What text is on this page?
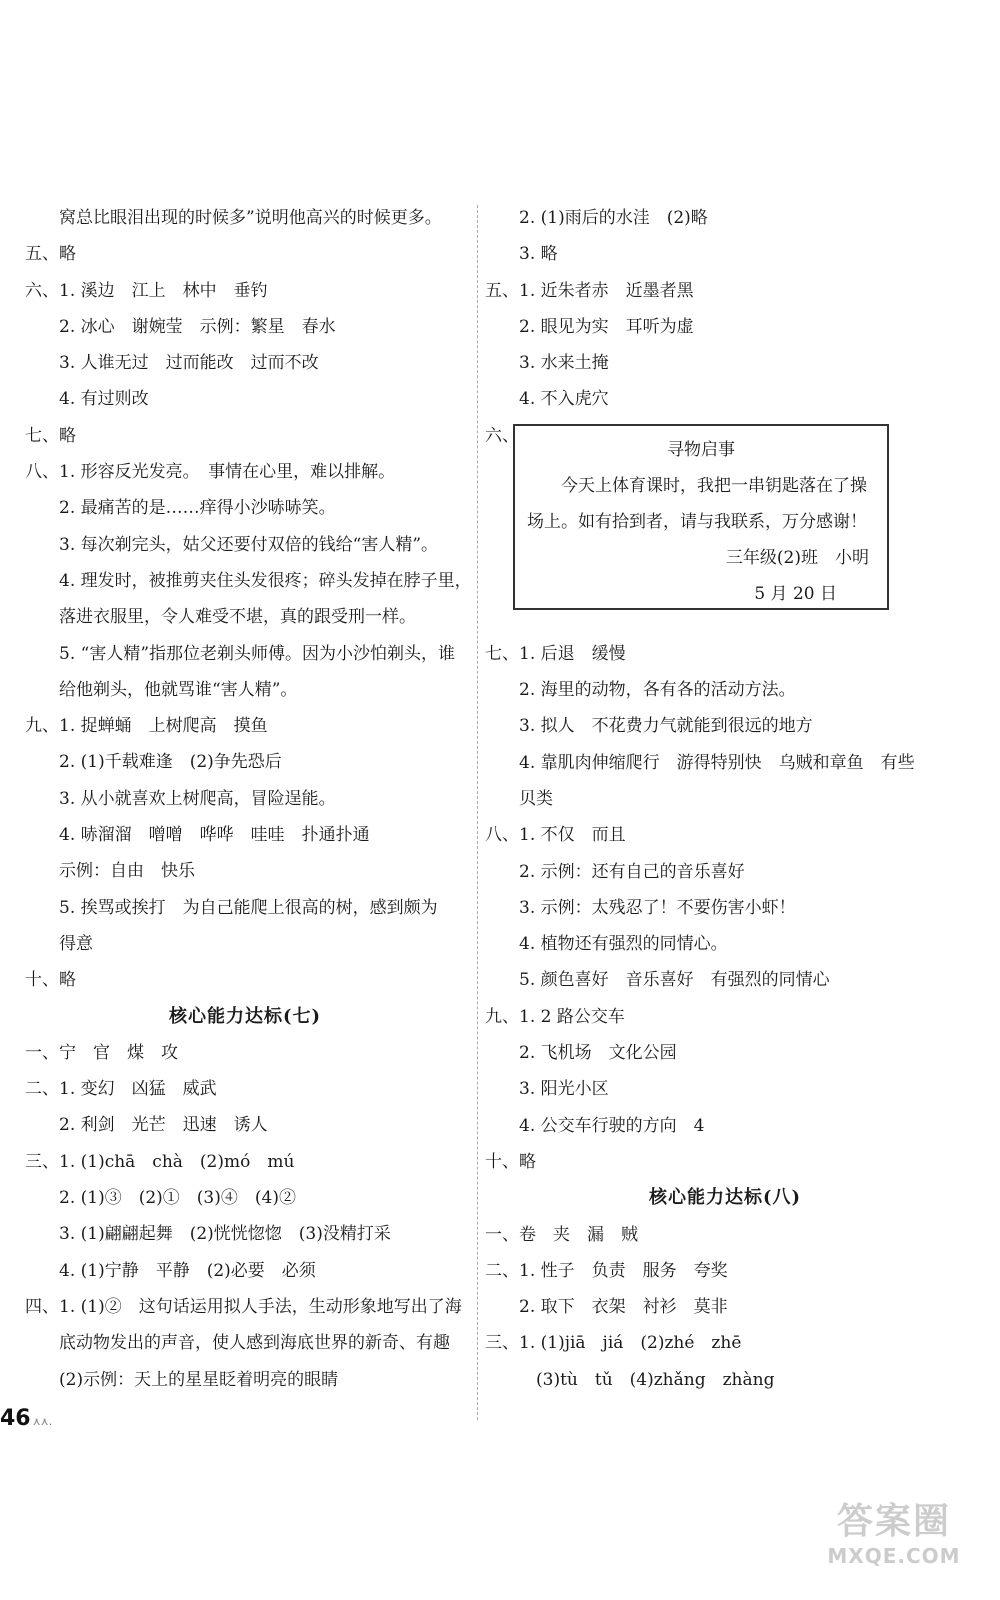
　　窝总比眼泪出现的时候多”说明他高兴的时候更多。
五、略
六、1. 溪边　江上　林中　垂钓
　　2. 冰心　谢婉莹　示例：繁星　春水
　　3. 人谁无过　过而能改　过而不改
　　4. 有过则改
七、略
八、1. 形容反光发亮。　事情在心里，难以排解。
　　2. 最痛苦的是……痒得小沙哧哧笑。
　　3. 每次剃完头，姑父还要付双倍的钱给“害人精”。
　　4. 理发时，被推剪夹住头发很疼；碎头发掉在脖子里，
　　落进衣服里，令人难受不堪，真的跟受刑一样。
　　5. “害人精”指那位老剃头师傅。因为小沙怕剃头，谁
　　给他剃头，他就骂谁“害人精”。
九、1. 捉蝉蛹　上树爬高　摸鱼
　　2. (1)千载难逢　(2)争先恐后
　　3. 从小就喜欢上树爬高，冒险逞能。
　　4. 哧溜溜　噌噌　哗哗　哇哇　扑通扑通
　　示例：自由　快乐
　　5. 挨骂或挨打　为自己能爬上很高的树，感到颇为
　　得意
十、略
核心能力达标(七)
一、宁　官　煤　攻
二、1. 变幻　凶猛　威武
　　2. 利剑　光芒　迅速　诱人
三、1. (1)chā　chà　(2)mó　mú
　　2. (1)③　(2)①　(3)④　(4)②
　　3. (1)翩翩起舞　(2)恍恍惚惚　(3)没精打采
　　4. (1)宁静　平静　(2)必要　必须
四、1. (1)②　这句话运用拟人手法，生动形象地写出了海
　　底动物发出的声音，使人感到海底世界的新奇、有趣
　　(2)示例：天上的星星眨着明亮的眼睛
　　2. (1)雨后的水洼　(2)略
　　3. 略
五、1. 近朱者赤　近墨者黑
　　2. 眼见为实　耳听为虚
　　3. 水来土掩
　　4. 不入虎穴
六、
寻物启事
今天上体育课时，我把一串钥匙落在了操场上。如有拾到者，请与我联系，万分感谢！
三年级(2)班　小明
5 月 20 日
七、1. 后退　缓慢
　　2. 海里的动物，各有各的活动方法。
　　3. 拟人　不花费力气就能到很远的地方
　　4. 靠肌肉伸缩爬行　游得特别快　乌贼和章鱼　有些
　　贝类
八、1. 不仅　而且
　　2. 示例：还有自己的音乐喜好
　　3. 示例：太残忍了！不要伤害小虾！
　　4. 植物还有强烈的同情心。
　　5. 颜色喜好　音乐喜好　有强烈的同情心
九、1. 2 路公交车
　　2. 飞机场　文化公园
　　3. 阳光小区
　　4. 公交车行驶的方向　4
十、略
核心能力达标(八)
一、卷　夹　漏　贼
二、1. 性子　负责　服务　夸奖
　　2. 取下　衣架　衬衫　莫非
三、1. (1)jiā　jiá　(2)zhé　zhē
　　　(3)tù　tǔ　(4)zhǎng　zhàng
46 ⋏⋏.
答案圈
MXQE.COM
